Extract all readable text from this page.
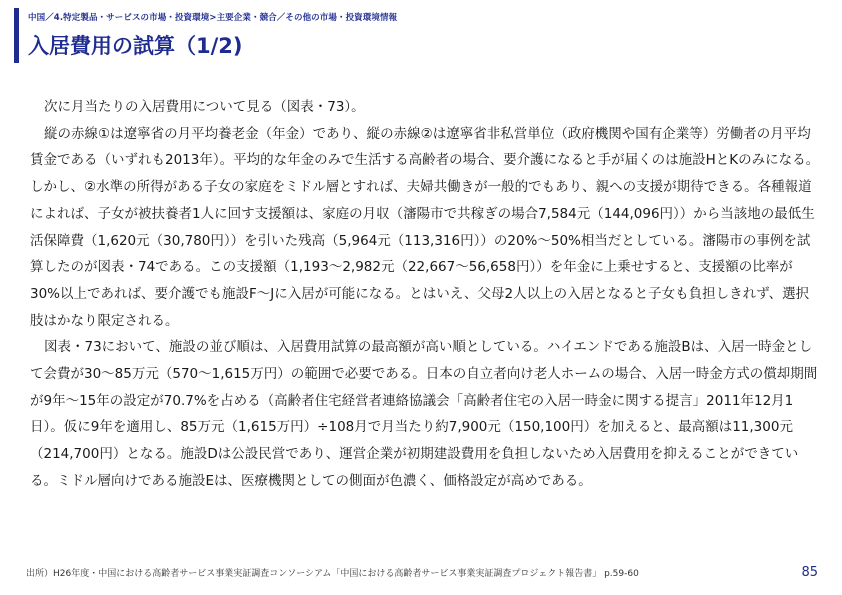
中国／4.特定製品・サービスの市場・投資環境>主要企業・競合／その他の市場・投資環境情報
入居費用の試算（1/2)

次に月当たりの入居費用について見る（図表・73）。

縦の赤線①は遼寧省の月平均養老金（年金）であり、縦の赤線②は遼寧省非私営単位（政府機関や国有企業等）労働者の月平均賃金である（いずれも2013年）。平均的な年金のみで生活する高齢者の場合、要介護になると手が届くのは施設HとKのみになる。しかし、②水準の所得がある子女の家庭をミドル層とすれば、夫婦共働きが一般的でもあり、親への支援が期待できる。各種報道によれば、子女が被扶養者1人に回す支援額は、家庭の月収（瀋陽市で共稼ぎの場合7,584元（144,096円））から当該地の最低生活保障費（1,620元（30,780円））を引いた残高（5,964元（113,316円））の20%〜50%相当だとしている。瀋陽市の事例を試算したのが図表・74である。この支援額（1,193〜2,982元（22,667〜56,658円））を年金に上乗せすると、支援額の比率が30%以上であれば、要介護でも施設F〜Jに入居が可能になる。とはいえ、父母2人以上の入居となると子女も負担しきれず、選択肢はかなり限定される。

図表・73において、施設の並び順は、入居費用試算の最高額が高い順としている。ハイエンドである施設Bは、入居一時金として会費が30〜85万元（570〜1,615万円）の範囲で必要である。日本の自立者向け老人ホームの場合、入居一時金方式の償却期間が9年〜15年の設定が70.7%を占める（高齢者住宅経営者連絡協議会「高齢者住宅の入居一時金に関する提言」2011年12月1日）。仮に9年を適用し、85万元（1,615万円）÷108月で月当たり約7,900元（150,100円）を加えると、最高額は11,300元（214,700円）となる。施設Dは公設民営であり、運営企業が初期建設費用を負担しないため入居費用を抑えることができている。ミドル層向けである施設Eは、医療機関としての側面が色濃く、価格設定が高めである。

出所）H26年度・中国における高齢者サービス事業実証調査コンソーシアム「中国における高齢者サービス事業実証調査プロジェクト報告書」 p.59-60	85
